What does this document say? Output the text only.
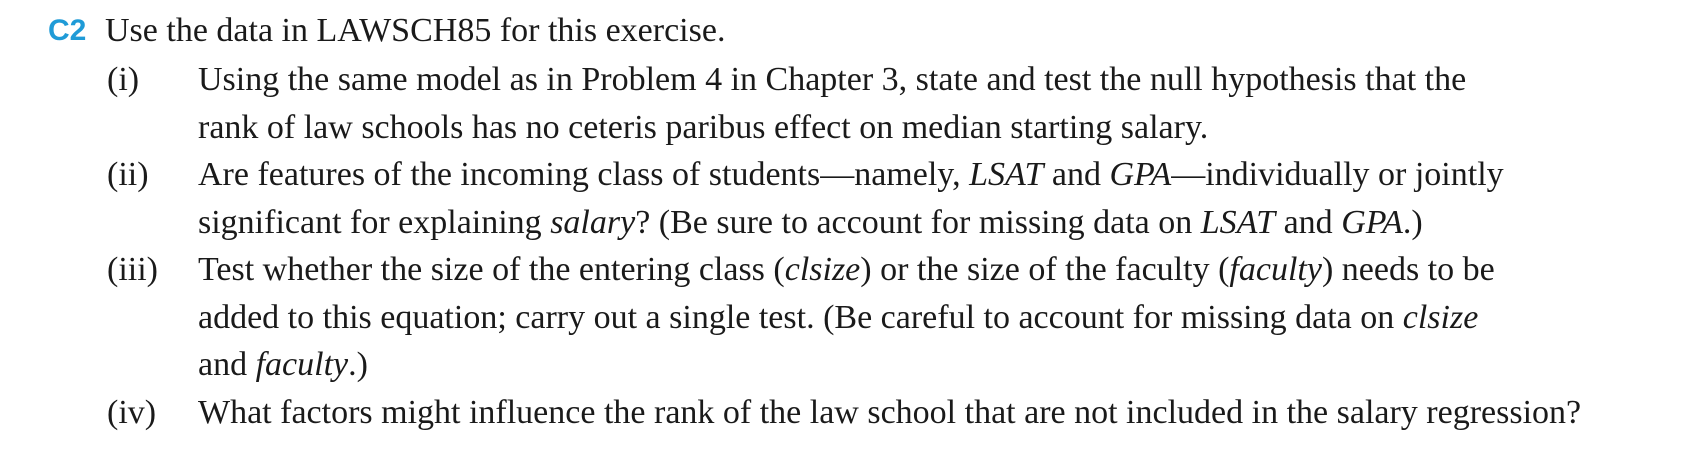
C2 Use the data in LAWSCH85 for this exercise.
(i) Using the same model as in Problem 4 in Chapter 3, state and test the null hypothesis that the
rank of law schools has no ceteris paribus effect on median starting salary.
(ii) Are features of the incoming class of students—namely, LSAT and GPA—individually or jointly
significant for explaining salary? (Be sure to account for missing data on LSAT and GPA.)
(iii) Test whether the size of the entering class (clsize) or the size of the faculty (faculty) needs to be
added to this equation; carry out a single test. (Be careful to account for missing data on clsize
and faculty.)
(iv) What factors might influence the rank of the law school that are not included in the salary regression?
